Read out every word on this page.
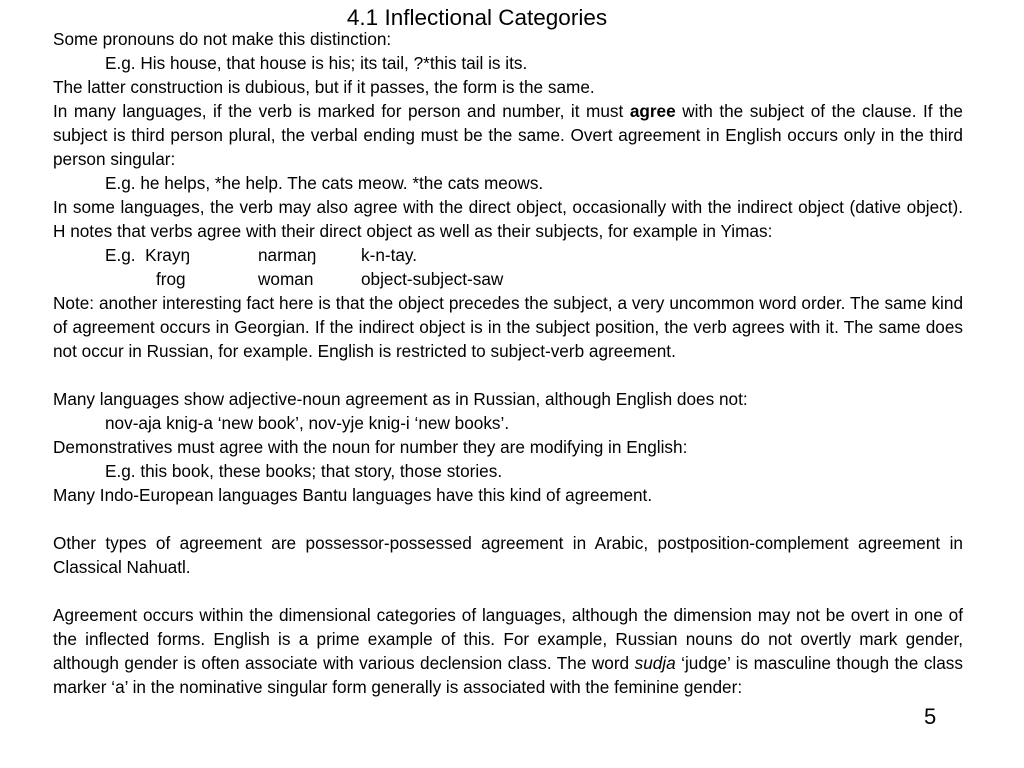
4.1 Inflectional Categories

Some pronouns do not make this distinction:

E.g. His house, that house is his; its tail, ?*this tail is its.

The latter construction is dubious, but if it passes, the form is the same.

In many languages, if the verb is marked for person and number, it must agree with the subject of the clause. If the subject is third person plural, the verbal ending must be the same. Overt agreement in English occurs only in the third person singular:

E.g. he helps, *he help. The cats meow. *the cats meows.

In some languages, the verb may also agree with the direct object, occasionally with the indirect object (dative object). H notes that verbs agree with their direct object as well as their subjects, for example in Yimas:

E.g.  Krayŋ	narmaŋ	k-n-tay.
frog	woman	object-subject-saw

Note: another interesting fact here is that the object precedes the subject, a very uncommon word order. The same kind of agreement occurs in Georgian. If the indirect object is in the subject position, the verb agrees with it. The same does not occur in Russian, for example. English is restricted to subject-verb agreement.

Many languages show adjective-noun agreement as in Russian, although English does not:

nov-aja knig-a ‘new book’, nov-yje knig-i ‘new books’.

Demonstratives must agree with the noun for number they are modifying in English:

E.g. this book, these books; that story, those stories.

Many Indo-European languages Bantu languages have this kind of agreement.

Other types of agreement are possessor-possessed agreement in Arabic, postposition-complement agreement in Classical Nahuatl.

Agreement occurs within the dimensional categories of languages, although the dimension may not be overt in one of the inflected forms. English is a prime example of this. For example, Russian nouns do not overtly mark gender, although gender is often associate with various declension class. The word sudja ‘judge’ is masculine though the class marker ‘a’ in the nominative singular form generally is associated with the feminine gender:

5
